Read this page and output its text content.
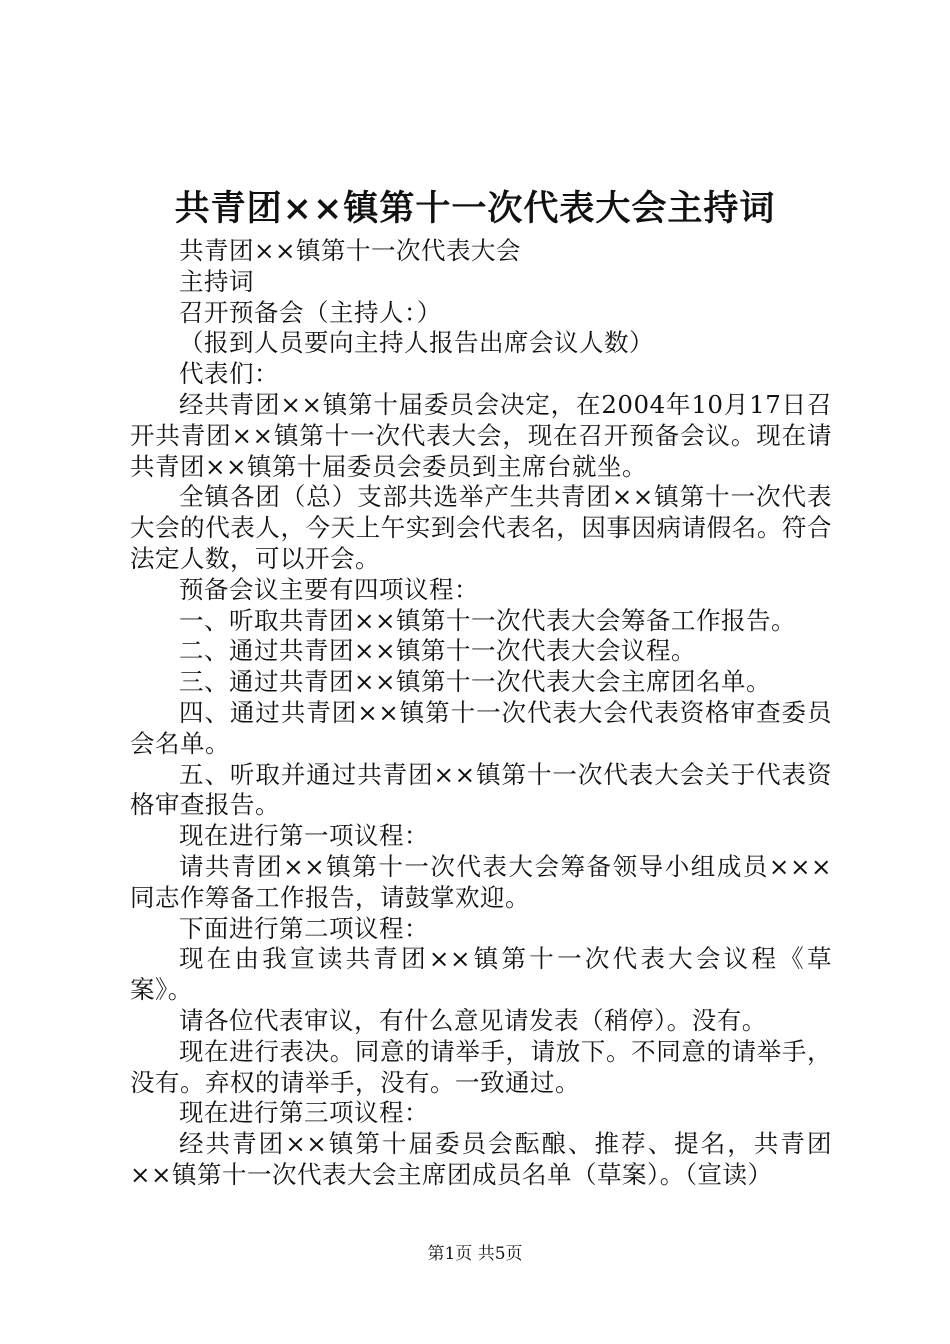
共青团××镇第十一次代表大会主持词

共青团××镇第十一次代表大会

主持词

召开预备会（主持人：）

（报到人员要向主持人报告出席会议人数）

代表们：

经共青团××镇第十届委员会决定，在2004年10月17日召开共青团××镇第十一次代表大会，现在召开预备会议。现在请共青团××镇第十届委员会委员到主席台就坐。

全镇各团（总）支部共选举产生共青团××镇第十一次代表大会的代表人，今天上午实到会代表名，因事因病请假名。符合法定人数，可以开会。

预备会议主要有四项议程：

一、听取共青团××镇第十一次代表大会筹备工作报告。

二、通过共青团××镇第十一次代表大会议程。

三、通过共青团××镇第十一次代表大会主席团名单。

四、通过共青团××镇第十一次代表大会代表资格审查委员会名单。

五、听取并通过共青团××镇第十一次代表大会关于代表资格审查报告。

现在进行第一项议程：

请共青团××镇第十一次代表大会筹备领导小组成员×××同志作筹备工作报告，请鼓掌欢迎。

下面进行第二项议程：

现在由我宣读共青团××镇第十一次代表大会议程《草案》。

请各位代表审议，有什么意见请发表（稍停）。没有。

现在进行表决。同意的请举手，请放下。不同意的请举手，没有。弃权的请举手，没有。一致通过。

现在进行第三项议程：

经共青团××镇第十届委员会酝酿、推荐、提名，共青团××镇第十一次代表大会主席团成员名单（草案）。（宣读）

第1页 共5页
